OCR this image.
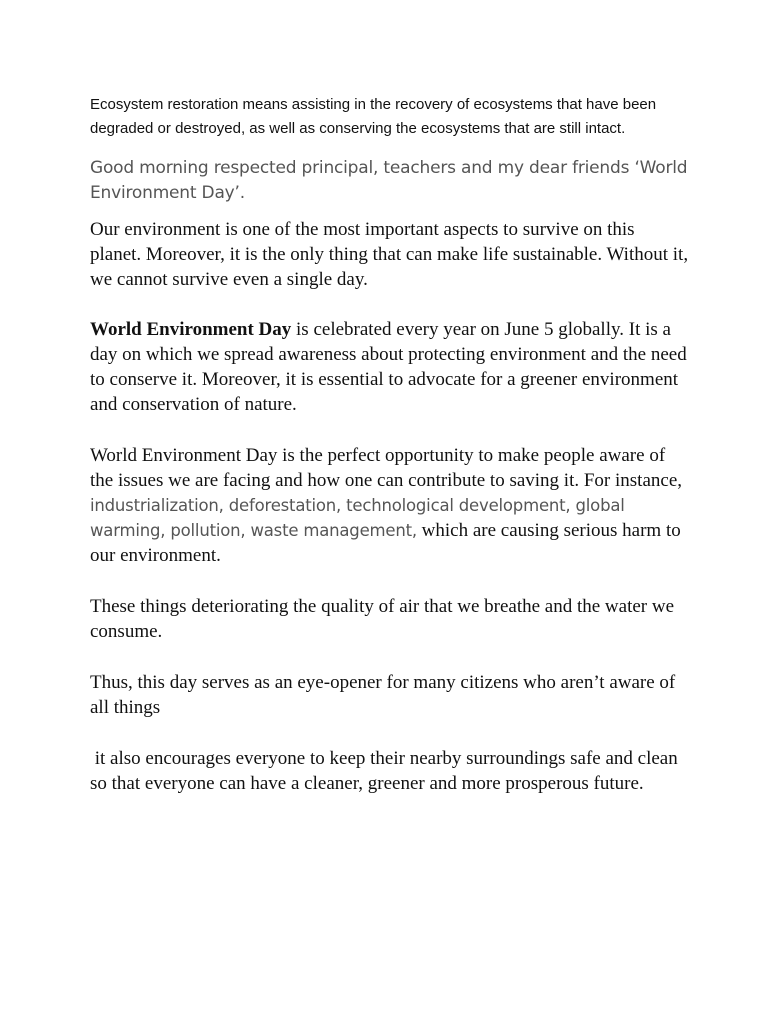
Ecosystem restoration means assisting in the recovery of ecosystems that have been degraded or destroyed, as well as conserving the ecosystems that are still intact.

Good morning respected principal, teachers and my dear friends ‘World Environment Day’.

Our environment is one of the most important aspects to survive on this planet. Moreover, it is the only thing that can make life sustainable. Without it, we cannot survive even a single day.

World Environment Day is celebrated every year on June 5 globally. It is a day on which we spread awareness about protecting environment and the need to conserve it. Moreover, it is essential to advocate for a greener environment and conservation of nature.

World Environment Day is the perfect opportunity to make people aware of the issues we are facing and how one can contribute to saving it. For instance, industrialization, deforestation, technological development, global warming, pollution, waste management, which are causing serious harm to our environment.

These things deteriorating the quality of air that we breathe and the water we consume.

Thus, this day serves as an eye-opener for many citizens who aren’t aware of all things

it also encourages everyone to keep their nearby surroundings safe and clean so that everyone can have a cleaner, greener and more prosperous future.
